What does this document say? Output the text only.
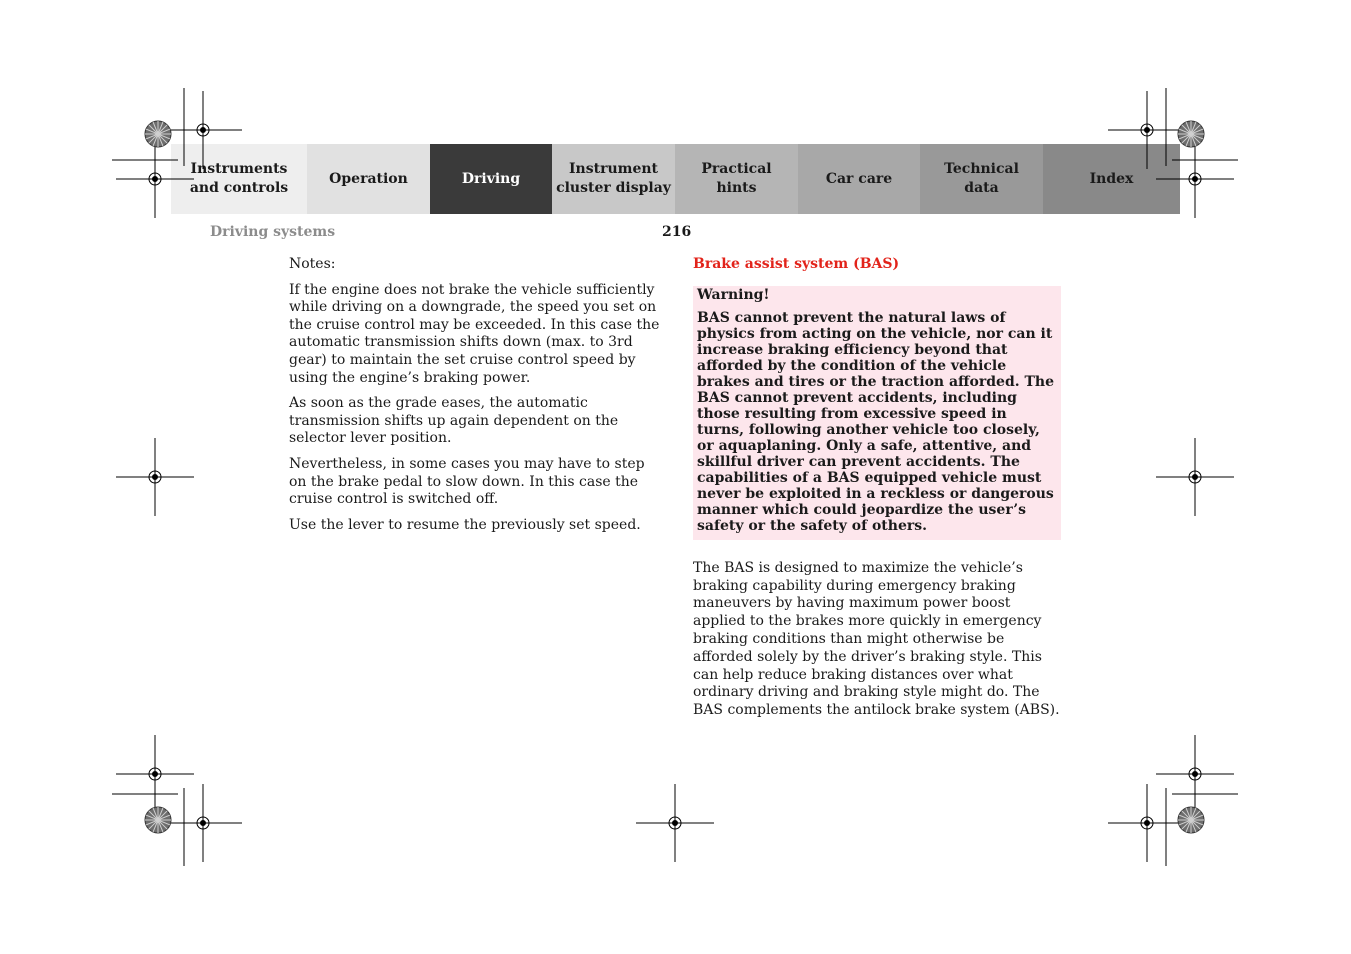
Instruments
and controls
Operation	Driving
Instrument
cluster display
Practical hints
Car care
Technical
data
Index
Driving systems	216

Notes:

If the engine does not brake the vehicle sufficiently while driving on a downgrade, the speed you set on the cruise control may be exceeded. In this case the automatic transmission shifts down (max. to 3rd gear) to maintain the set cruise control speed by using the engine’s braking power.

As soon as the grade eases, the automatic transmission shifts up again dependent on the selector lever position.

Nevertheless, in some cases you may have to step on the brake pedal to slow down. In this case the cruise control is switched off.

Use the lever to resume the previously set speed.

Brake assist system (BAS)

Warning!

BAS cannot prevent the natural laws of physics from acting on the vehicle, nor can it increase braking efficiency beyond that afforded by the condition of the vehicle brakes and tires or the traction afforded. The BAS cannot prevent accidents, including those resulting from excessive speed in turns, following another vehicle too closely, or aquaplaning. Only a safe, attentive, and skillful driver can prevent accidents. The capabilities of a BAS equipped vehicle must never be exploited in a reckless or dangerous manner which could jeopardize the user’s safety or the safety of others.

The BAS is designed to maximize the vehicle’s braking capability during emergency braking maneuvers by having maximum power boost applied to the brakes more quickly in emergency braking conditions than might otherwise be afforded solely by the driver’s braking style. This can help reduce braking distances over what ordinary driving and braking style might do. The BAS complements the antilock brake system (ABS).
